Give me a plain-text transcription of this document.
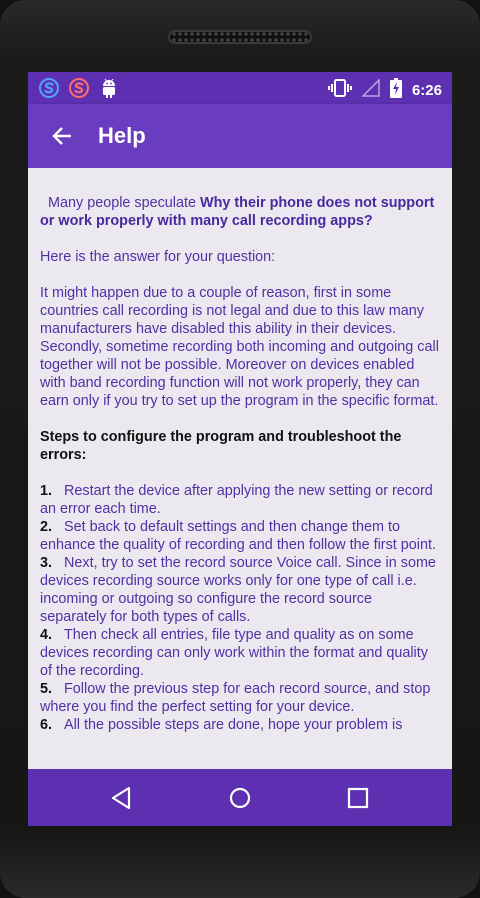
6:26
Help
Many people speculate Why their phone does not support or work properly with many call recording apps?

Here is the answer for your question:

It might happen due to a couple of reason, first in some countries call recording is not legal and due to this law many manufacturers have disabled this ability in their devices. Secondly, sometime recording both incoming and outgoing call together will not be possible. Moreover on devices enabled with band recording function will not work properly, they can earn only if you try to set up the program in the specific format.

Steps to configure the program and troubleshoot the errors:
1. Restart the device after applying the new setting or record an error each time.
2. Set back to default settings and then change them to enhance the quality of recording and then follow the first point.
3. Next, try to set the record source Voice call. Since in some devices recording source works only for one type of call i.e. incoming or outgoing so configure the record source separately for both types of calls.
4. Then check all entries, file type and quality as on some devices recording can only work within the format and quality of the recording.
5. Follow the previous step for each record source, and stop where you find the perfect setting for your device.
6. All the possible steps are done, hope your problem is
